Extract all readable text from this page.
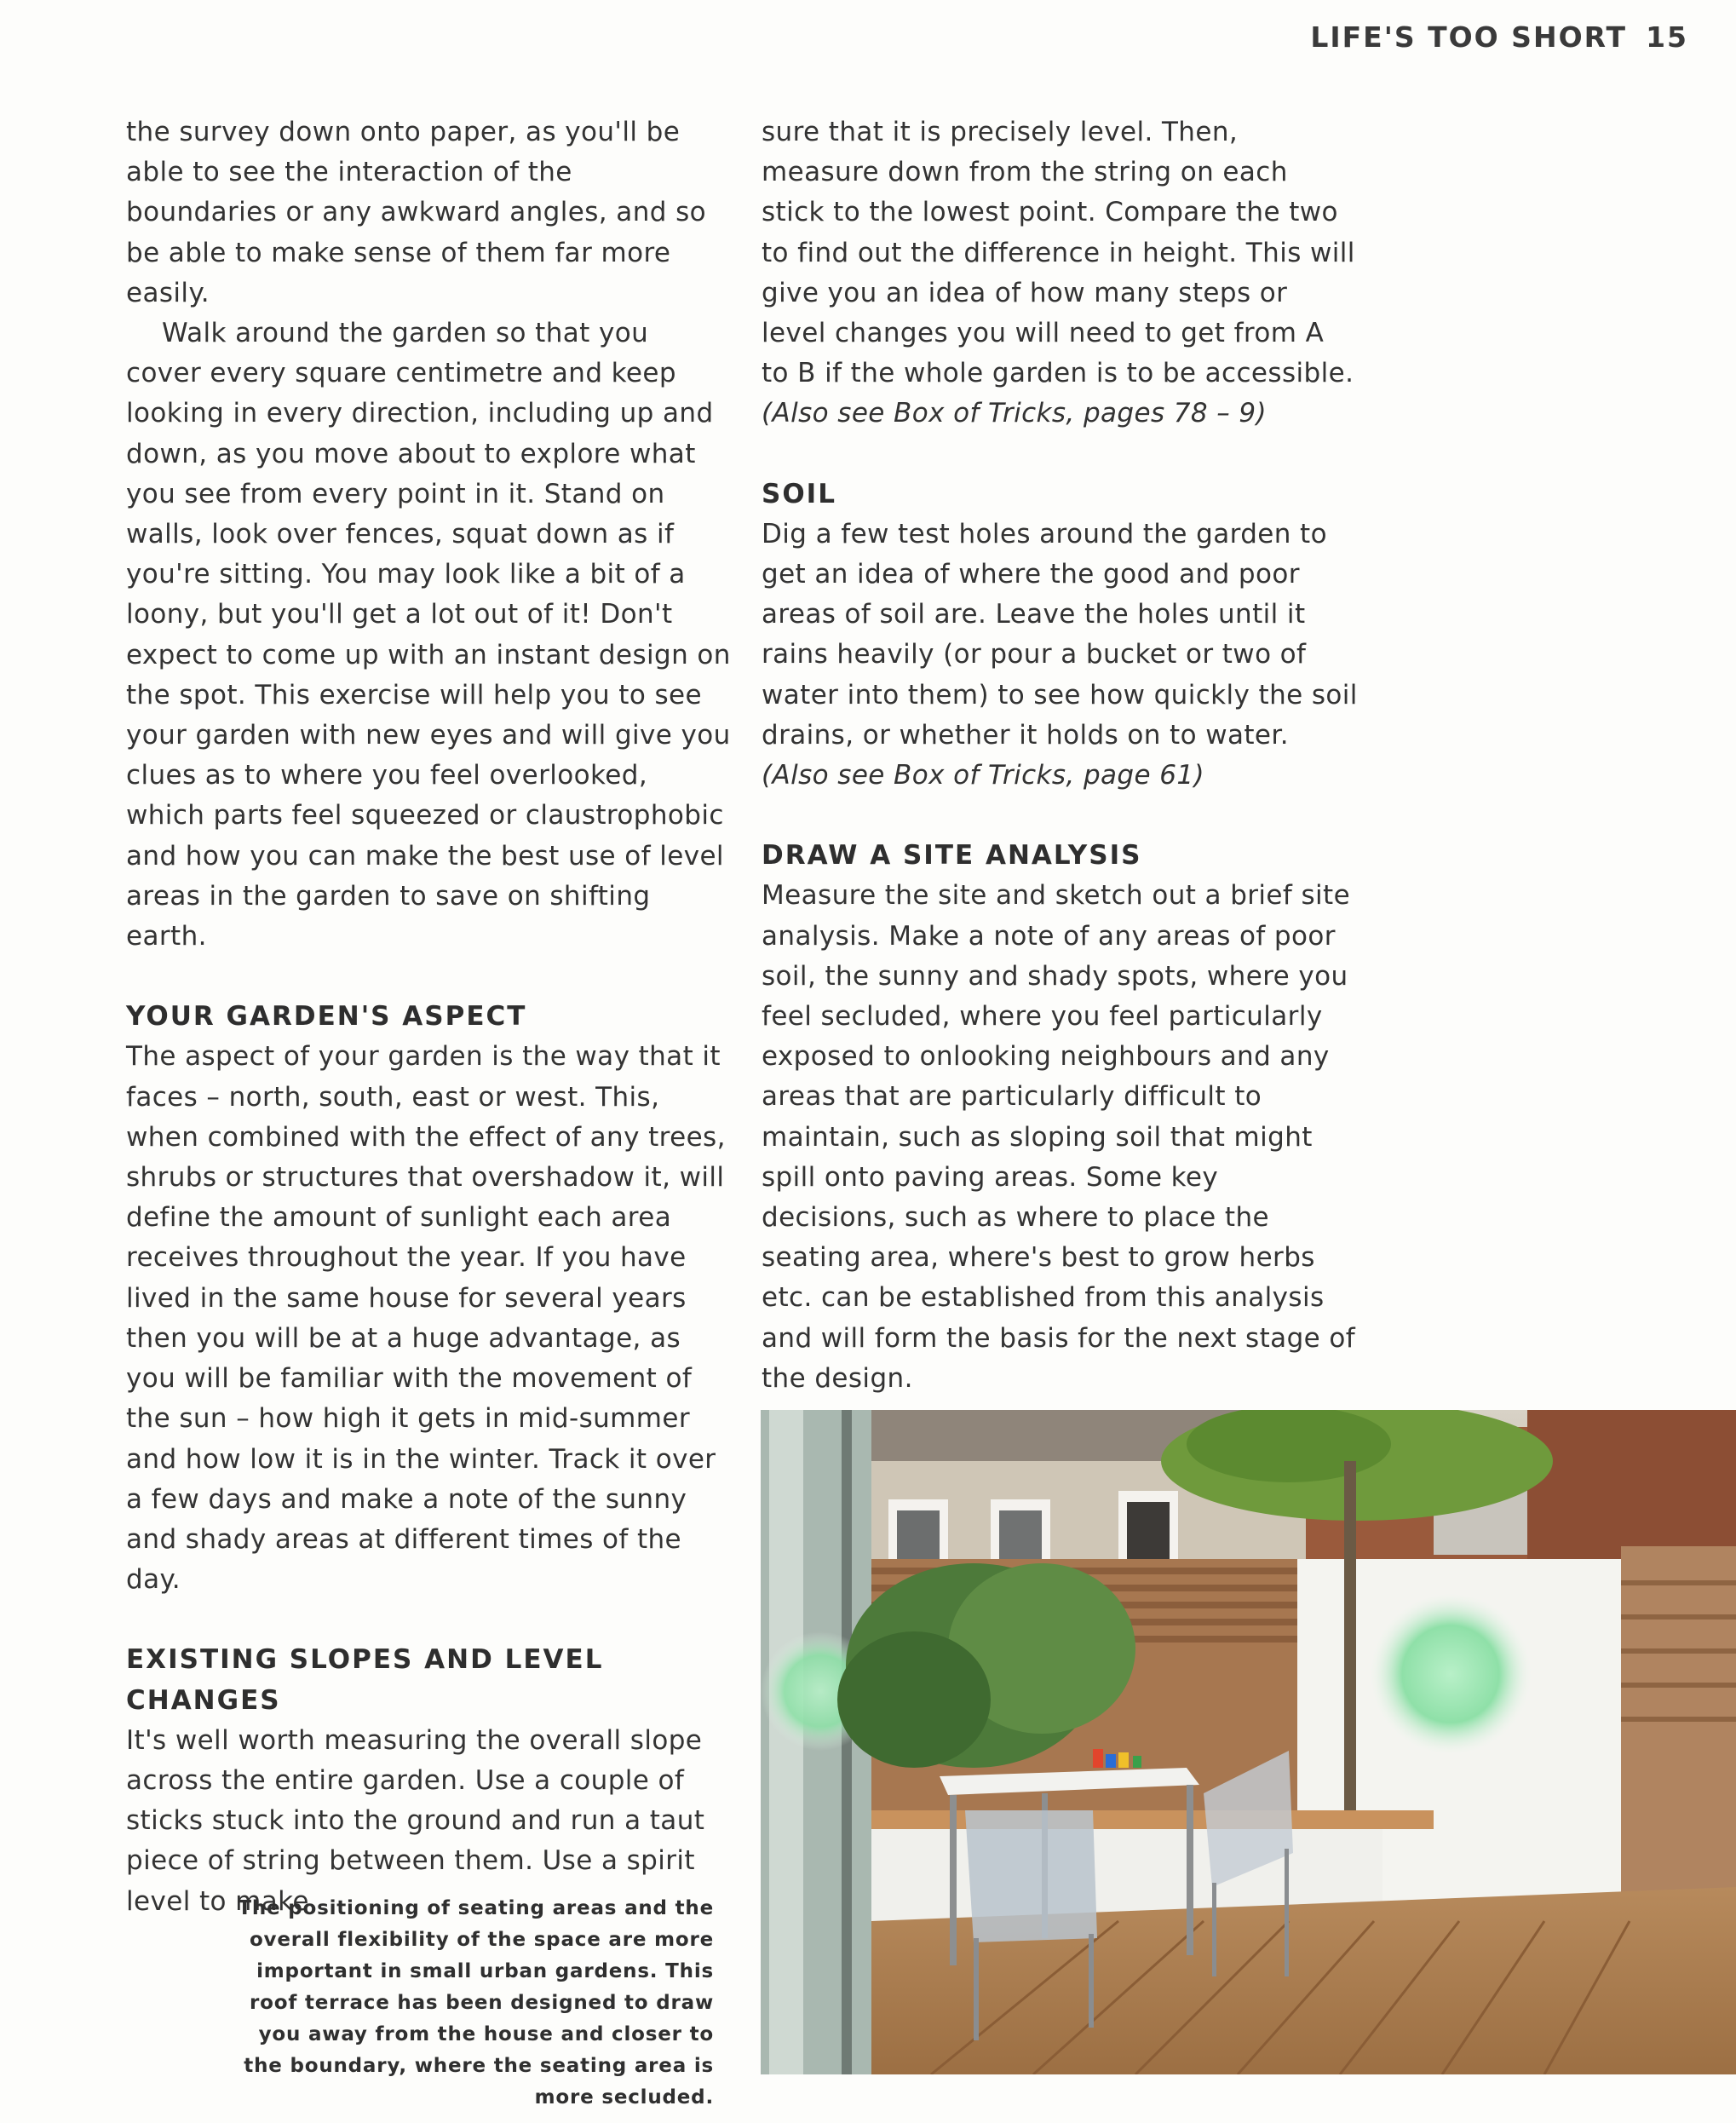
LIFE'S TOO SHORT 15

the survey down onto paper, as you'll be able to see the interaction of the boundaries or any awkward angles, and so be able to make sense of them far more easily.

Walk around the garden so that you cover every square centimetre and keep looking in every direction, including up and down, as you move about to explore what you see from every point in it. Stand on walls, look over fences, squat down as if you're sitting. You may look like a bit of a loony, but you'll get a lot out of it! Don't expect to come up with an instant design on the spot. This exercise will help you to see your garden with new eyes and will give you clues as to where you feel overlooked, which parts feel squeezed or claustrophobic and how you can make the best use of level areas in the garden to save on shifting earth.

YOUR GARDEN'S ASPECT

The aspect of your garden is the way that it faces – north, south, east or west. This, when combined with the effect of any trees, shrubs or structures that overshadow it, will define the amount of sunlight each area receives throughout the year. If you have lived in the same house for several years then you will be at a huge advantage, as you will be familiar with the movement of the sun – how high it gets in mid-summer and how low it is in the winter. Track it over a few days and make a note of the sunny and shady areas at different times of the day.

EXISTING SLOPES AND LEVEL CHANGES

It's well worth measuring the overall slope across the entire garden. Use a couple of sticks stuck into the ground and run a taut piece of string between them. Use a spirit level to make

sure that it is precisely level. Then, measure down from the string on each stick to the lowest point. Compare the two to find out the difference in height. This will give you an idea of how many steps or level changes you will need to get from A to B if the whole garden is to be accessible.

(Also see Box of Tricks, pages 78 – 9)

SOIL

Dig a few test holes around the garden to get an idea of where the good and poor areas of soil are. Leave the holes until it rains heavily (or pour a bucket or two of water into them) to see how quickly the soil drains, or whether it holds on to water.

(Also see Box of Tricks, page 61)

DRAW A SITE ANALYSIS

Measure the site and sketch out a brief site analysis. Make a note of any areas of poor soil, the sunny and shady spots, where you feel secluded, where you feel particularly exposed to onlooking neighbours and any areas that are particularly difficult to maintain, such as sloping soil that might spill onto paving areas. Some key decisions, such as where to place the seating area, where's best to grow herbs etc. can be established from this analysis and will form the basis for the next stage of the design.

The positioning of seating areas and the overall flexibility of the space are more important in small urban gardens. This roof terrace has been designed to draw you away from the house and closer to the boundary, where the seating area is more secluded.
